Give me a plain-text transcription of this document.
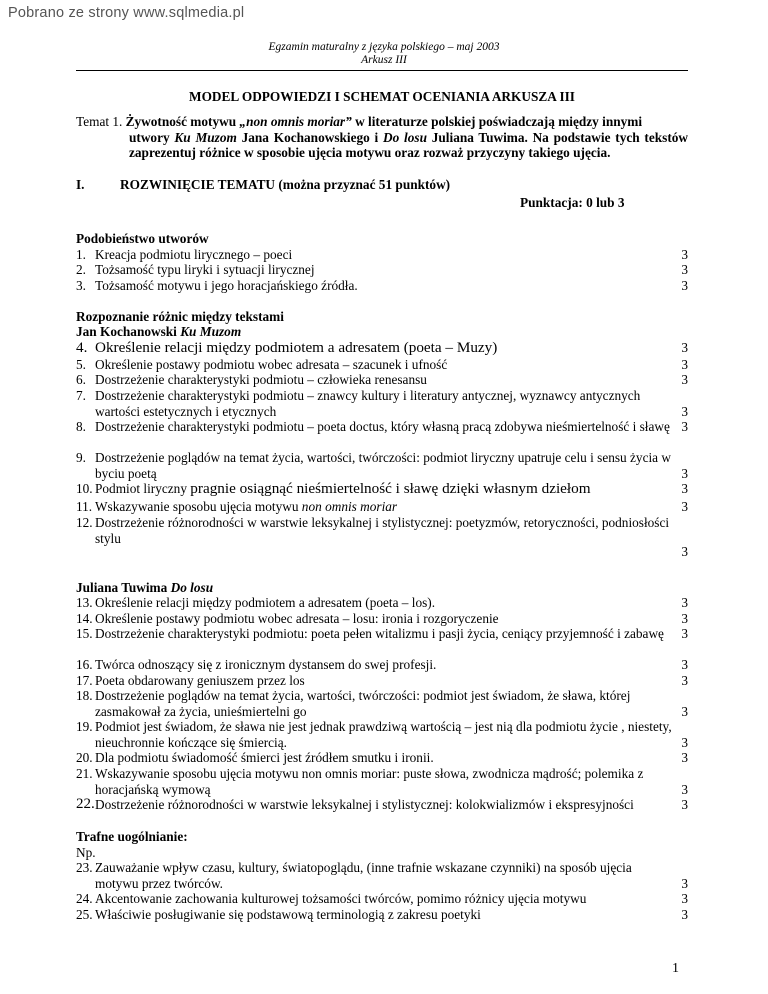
Pobrano ze strony www.sqlmedia.pl
Egzamin maturalny z języka polskiego – maj 2003
Arkusz III
MODEL ODPOWIEDZI I SCHEMAT OCENIANIA ARKUSZA III
Temat 1. Żywotność motywu „non omnis moriar” w literaturze polskiej poświadczają między innymi
utwory Ku Muzom Jana Kochanowskiego i Do losu Juliana Tuwima. Na podstawie tych tekstów zaprezentuj różnice w sposobie ujęcia motywu oraz rozważ przyczyny takiego ujęcia.
I.	ROZWINIĘCIE TEMATU (można przyznać 51 punktów)
Punktacja: 0 lub 3
Podobieństwo utworów
1. Kreacja podmiotu lirycznego – poeci	3
2. Tożsamość typu liryki i sytuacji lirycznej	3
3. Tożsamość motywu i jego horacjańskiego źródła.	3
Rozpoznanie różnic między tekstami
Jan Kochanowski Ku Muzom
4. Określenie relacji między podmiotem a adresatem (poeta – Muzy)	3
5. Określenie postawy podmiotu wobec adresata – szacunek i ufność	3
6. Dostrzeżenie charakterystyki podmiotu – człowieka renesansu	3
7. Dostrzeżenie charakterystyki podmiotu – znawcy kultury i literatury antycznej, wyznawcy antycznych wartości estetycznych i etycznych	3
8. Dostrzeżenie charakterystyki podmiotu – poeta doctus, który własną pracą zdobywa nieśmiertelność i sławę 3
9. Dostrzeżenie poglądów na temat życia, wartości, twórczości: podmiot liryczny upatruje celu i sensu życia w byciu poetą	3
10. Podmiot liryczny pragnie osiągnąć nieśmiertelność i sławę dzięki własnym dziełom	3
11. Wskazywanie sposobu ujęcia motywu non omnis moriar	3
12. Dostrzeżenie różnorodności w warstwie leksykalnej i stylistycznej: poetyzmów, retoryczności, podniosłości stylu
3
Juliana Tuwima Do losu
13. Określenie relacji między podmiotem a adresatem (poeta – los).	3
14. Określenie postawy podmiotu wobec adresata – losu: ironia i rozgoryczenie	3
15. Dostrzeżenie charakterystyki podmiotu: poeta pełen witalizmu i pasji życia, ceniący przyjemność i zabawę	3
16. Twórca odnoszący się z ironicznym dystansem do swej profesji.	3
17. Poeta obdarowany geniuszem przez los	3
18. Dostrzeżenie poglądów na temat życia, wartości, twórczości: podmiot jest świadom, że sława, której zasmakował za życia, unieśmiertelni go	3
19. Podmiot jest świadom, że sława nie jest jednak prawdziwą wartością – jest nią dla podmiotu życie , niestety, nieuchronnie kończące się śmiercią.	3
20. Dla podmiotu świadomość śmierci jest źródłem smutku i ironii.	3
21. Wskazywanie sposobu ujęcia motywu non omnis moriar: puste słowa, zwodnicza mądrość; polemika z horacjańską wymową	3
22. Dostrzeżenie różnorodności w warstwie leksykalnej i stylistycznej: kolokwializmów i ekspresyjności	3
Trafne uogólnianie:
Np.
23. Zauważanie wpływ czasu, kultury, światopoglądu, (inne trafnie wskazane czynniki) na sposób ujęcia motywu przez twórców.	3
24. Akcentowanie zachowania kulturowej tożsamości twórców, pomimo różnicy ujęcia motywu	3
25. Właściwie posługiwanie się podstawową terminologią z zakresu poetyki	3
1
